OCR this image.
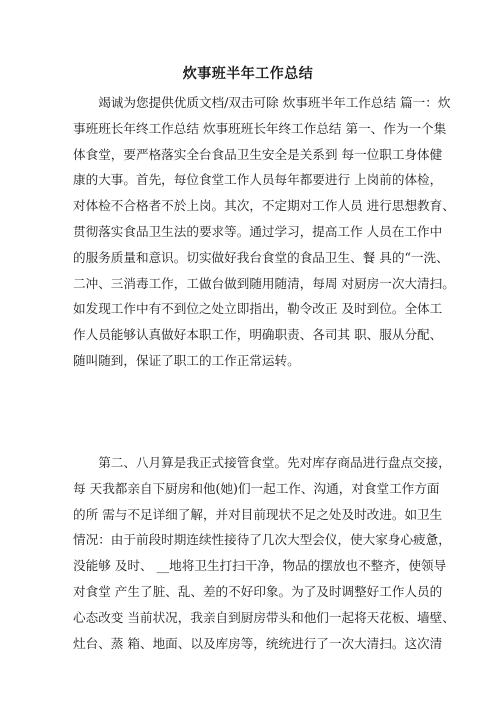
炊事班半年工作总结
　　竭诚为您提供优质文档/双击可除 炊事班半年工作总结 篇一：炊
事班班长年终工作总结 炊事班班长年终工作总结 第一、作为一个集
体食堂，要严格落实全台食品卫生安全是关系到 每一位职工身体健
康的大事。首先，每位食堂工作人员每年都要进行 上岗前的体检，
对体检不合格者不於上岗。其次，不定期对工作人员 进行思想教育、
贯彻落实食品卫生法的要求等。通过学习，提高工作 人员在工作中
的服务质量和意识。切实做好我台食堂的食品卫生、餐 具的“一洗、
二冲、三消毒工作，工做台做到随用随清，每周 对厨房一次大清扫。
如发现工作中有不到位之处立即指出，勒令改正 及时到位。全体工
作人员能够认真做好本职工作，明确职责、各司其 职、服从分配、
随叫随到，保证了职工的工作正常运转。
　　第二、八月算是我正式接管食堂。先对库存商品进行盘点交接，
每 天我都亲自下厨房和他(她)们一起工作、沟通，对食堂工作方面
的所 需与不足详细了解，并对目前现状不足之处及时改进。如卫生
情况：由于前段时期连续性接待了几次大型会仪，使大家身心疲惫，
没能够 及时、 __地将卫生打扫干净，物品的摆放也不整齐，使领导
对食堂 产生了脏、乱、差的不好印象。为了及时调整好工作人员的
心态改变 当前状况，我亲自到厨房带头和他们一起将天花板、墙壁、
灶台、蒸 箱、地面、以及库房等，统统进行了一次大清扫。这次清
